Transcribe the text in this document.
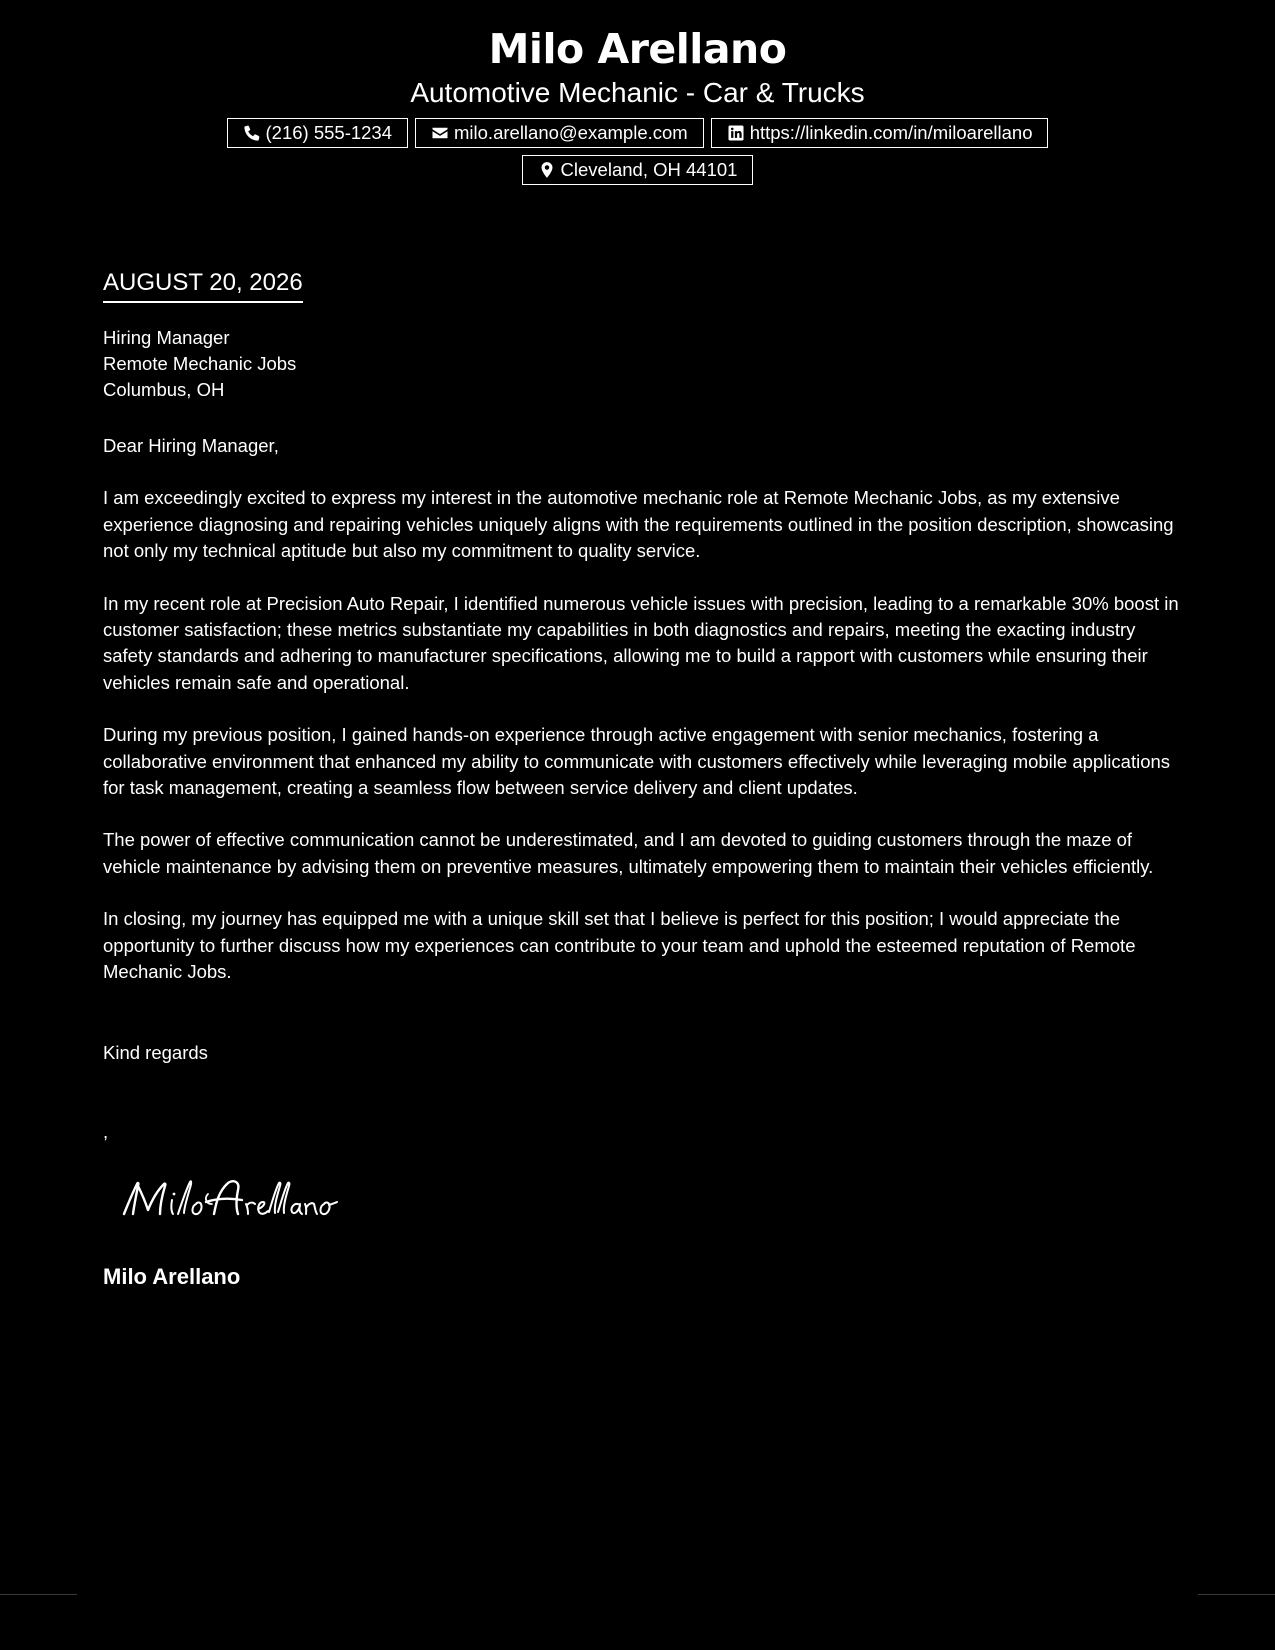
Milo Arellano
Automotive Mechanic - Car & Trucks
(216) 555-1234	milo.arellano@example.com	https://linkedin.com/in/miloarellano
Cleveland, OH 44101
AUGUST 20, 2026
Hiring Manager
Remote Mechanic Jobs
Columbus, OH

Dear Hiring Manager,

I am exceedingly excited to express my interest in the automotive mechanic role at Remote Mechanic Jobs, as my extensive experience diagnosing and repairing vehicles uniquely aligns with the requirements outlined in the position description, showcasing not only my technical aptitude but also my commitment to quality service.

In my recent role at Precision Auto Repair, I identified numerous vehicle issues with precision, leading to a remarkable 30% boost in customer satisfaction; these metrics substantiate my capabilities in both diagnostics and repairs, meeting the exacting industry safety standards and adhering to manufacturer specifications, allowing me to build a rapport with customers while ensuring their vehicles remain safe and operational.

During my previous position, I gained hands-on experience through active engagement with senior mechanics, fostering a collaborative environment that enhanced my ability to communicate with customers effectively while leveraging mobile applications for task management, creating a seamless flow between service delivery and client updates.

The power of effective communication cannot be underestimated, and I am devoted to guiding customers through the maze of vehicle maintenance by advising them on preventive measures, ultimately empowering them to maintain their vehicles efficiently.

In closing, my journey has equipped me with a unique skill set that I believe is perfect for this position; I would appreciate the opportunity to further discuss how my experiences can contribute to your team and uphold the esteemed reputation of Remote Mechanic Jobs.

Kind regards
,
Milo Arellano
